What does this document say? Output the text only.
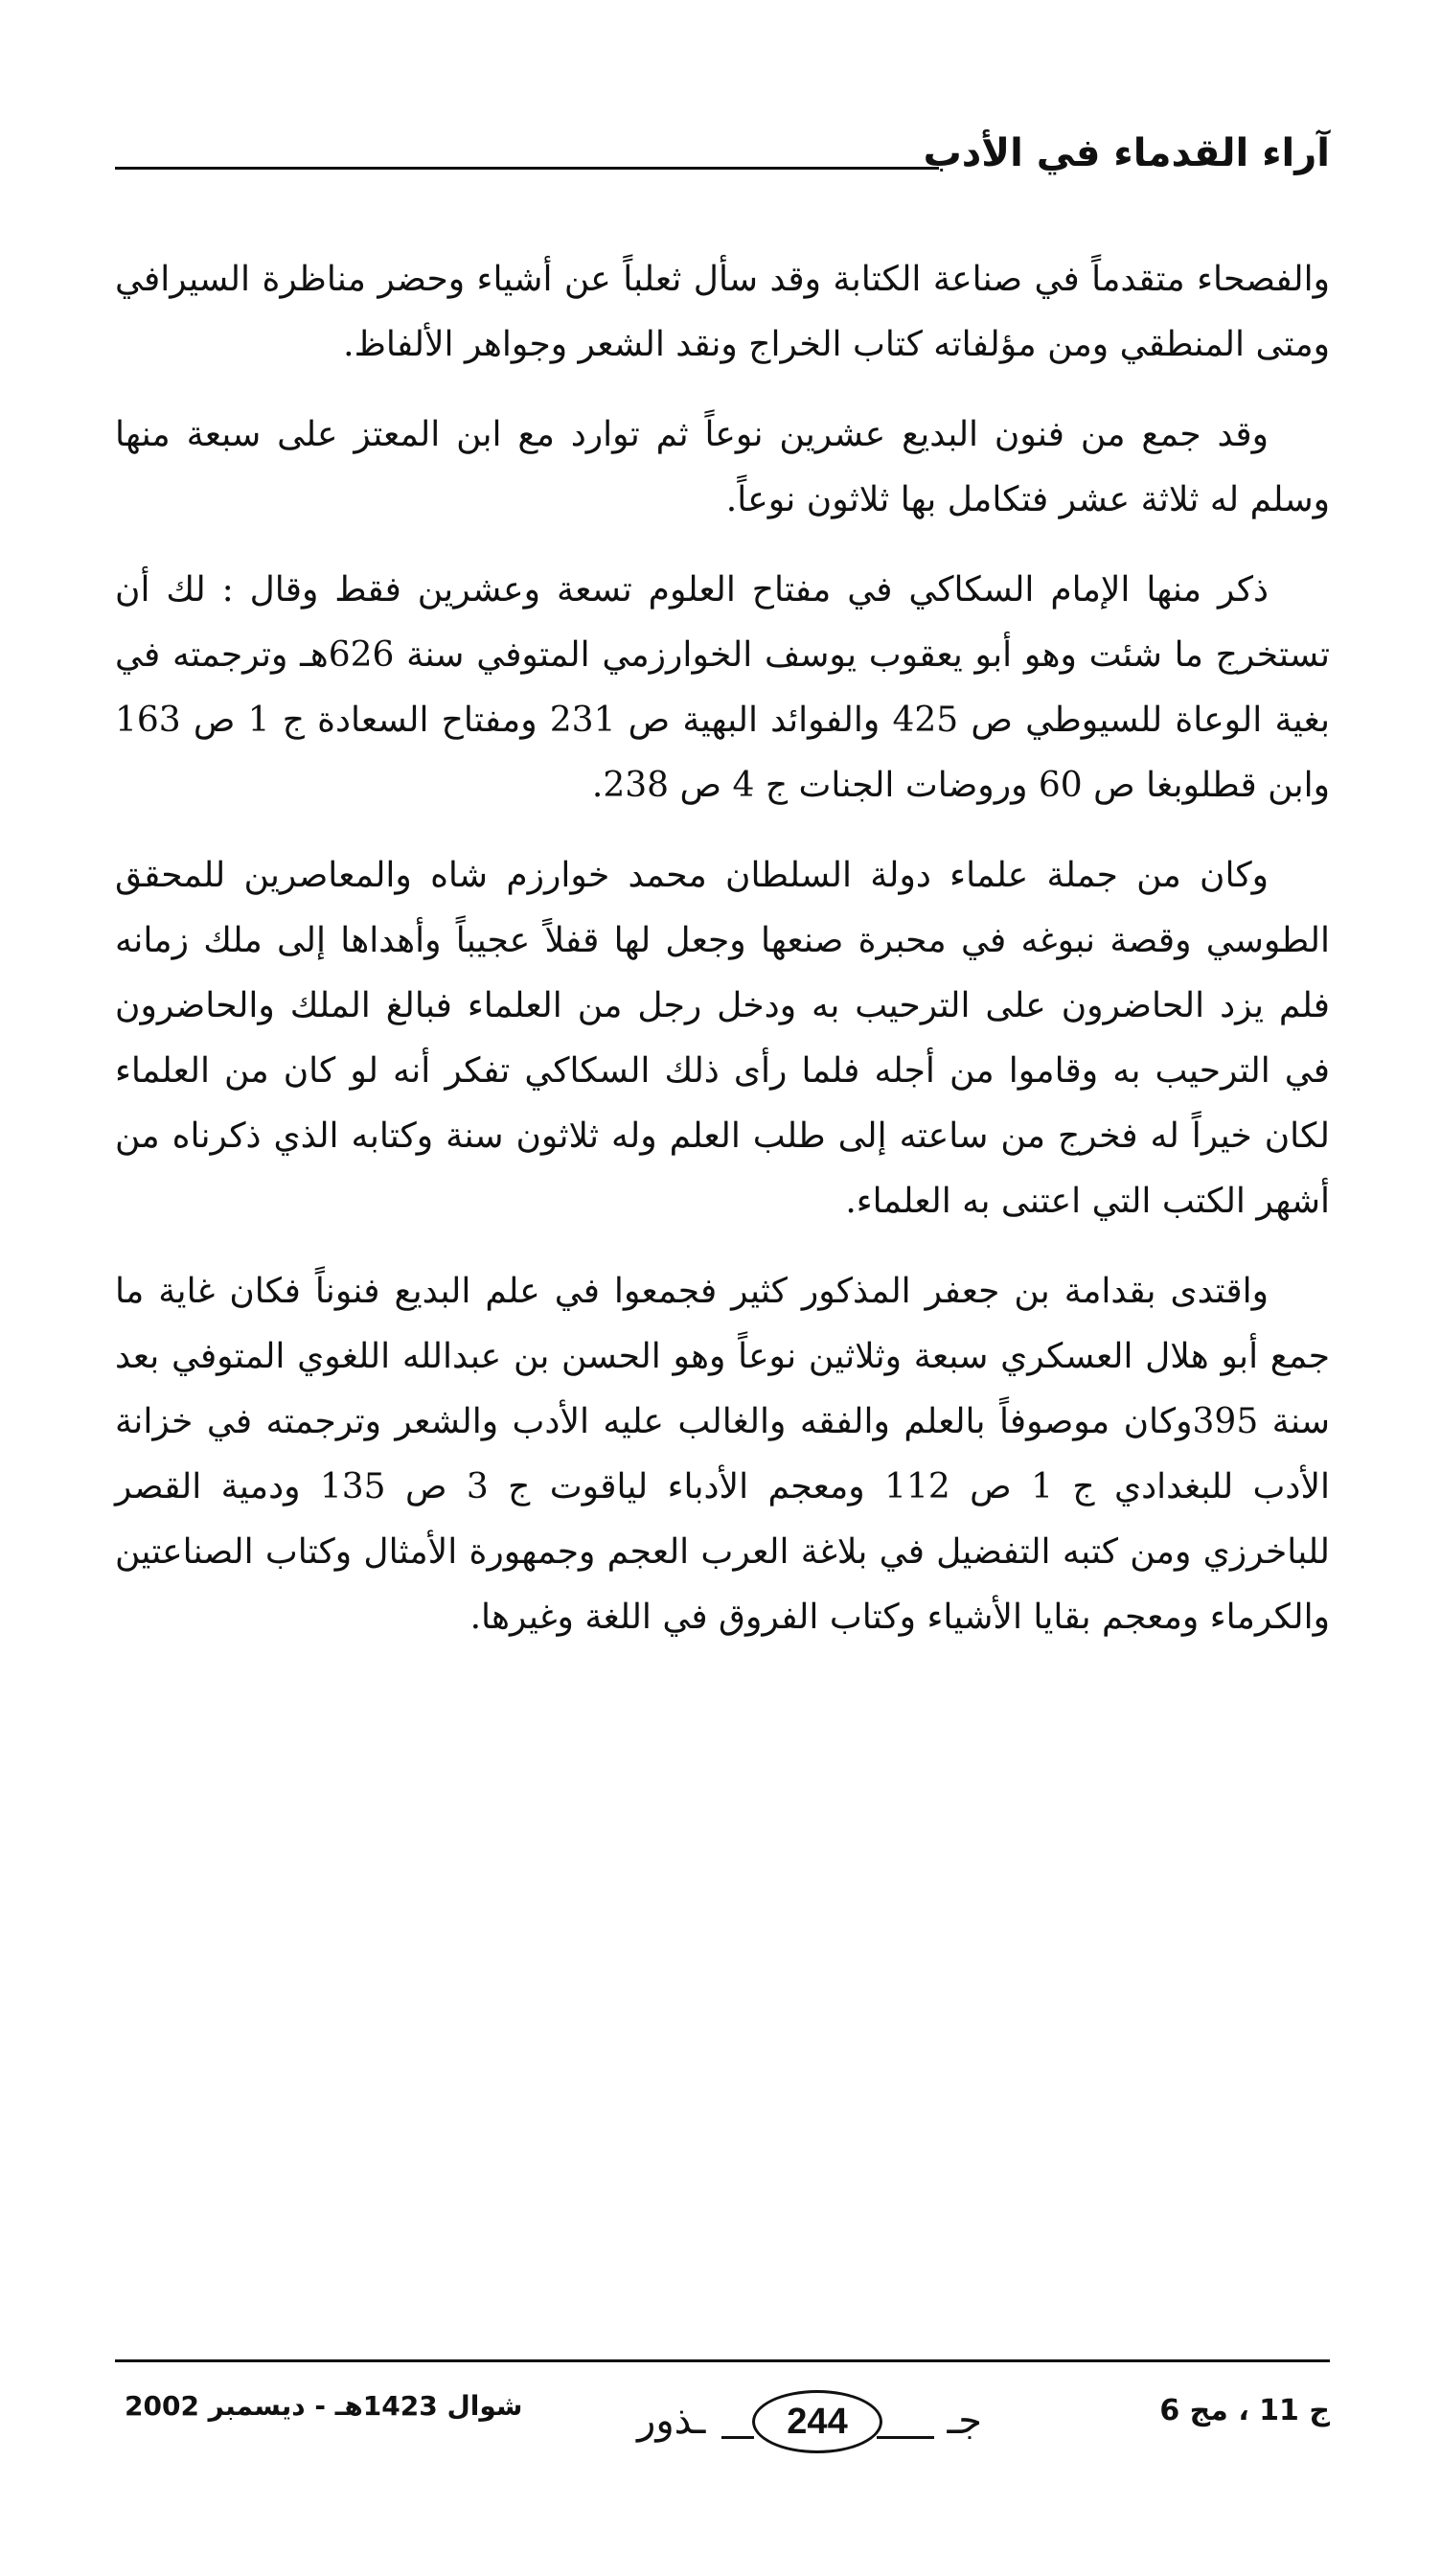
آراء القدماء في الأدب

والفصحاء متقدماً في صناعة الكتابة وقد سأل ثعلباً عن أشياء وحضر مناظرة السيرافي ومتى المنطقي ومن مؤلفاته كتاب الخراج ونقد الشعر وجواهر الألفاظ.

وقد جمع من فنون البديع عشرين نوعاً ثم توارد مع ابن المعتز على سبعة منها وسلم له ثلاثة عشر فتكامل بها ثلاثون نوعاً.

ذكر منها الإمام السكاكي في مفتاح العلوم تسعة وعشرين فقط وقال : لك أن تستخرج ما شئت وهو أبو يعقوب يوسف الخوارزمي المتوفي سنة 626هـ وترجمته في بغية الوعاة للسيوطي ص 425 والفوائد البهية ص 231 ومفتاح السعادة ج 1 ص 163 وابن قطلوبغا ص 60 وروضات الجنات ج 4 ص 238.

وكان من جملة علماء دولة السلطان محمد خوارزم شاه والمعاصرين للمحقق الطوسي وقصة نبوغه في محبرة صنعها وجعل لها قفلاً عجيباً وأهداها إلى ملك زمانه فلم يزد الحاضرون على الترحيب به ودخل رجل من العلماء فبالغ الملك والحاضرون في الترحيب به وقاموا من أجله فلما رأى ذلك السكاكي تفكر أنه لو كان من العلماء لكان خيراً له فخرج من ساعته إلى طلب العلم وله ثلاثون سنة وكتابه الذي ذكرناه من أشهر الكتب التي اعتنى به العلماء.

واقتدى بقدامة بن جعفر المذكور كثير فجمعوا في علم البديع فنوناً فكان غاية ما جمع أبو هلال العسكري سبعة وثلاثين نوعاً وهو الحسن بن عبدالله اللغوي المتوفي بعد سنة 395وكان موصوفاً بالعلم والفقه والغالب عليه الأدب والشعر وترجمته في خزانة الأدب للبغدادي ج 1 ص 112 ومعجم الأدباء لياقوت ج 3 ص 135 ودمية القصر للباخرزي ومن كتبه التفضيل في بلاغة العرب العجم وجمهورة الأمثال وكتاب الصناعتين والكرماء ومعجم بقايا الأشياء وكتاب الفروق في اللغة وغيرها.

ج 11 ، مج 6
جـ
ـذور	244
شوال 1423هـ - ديسمبر 2002
